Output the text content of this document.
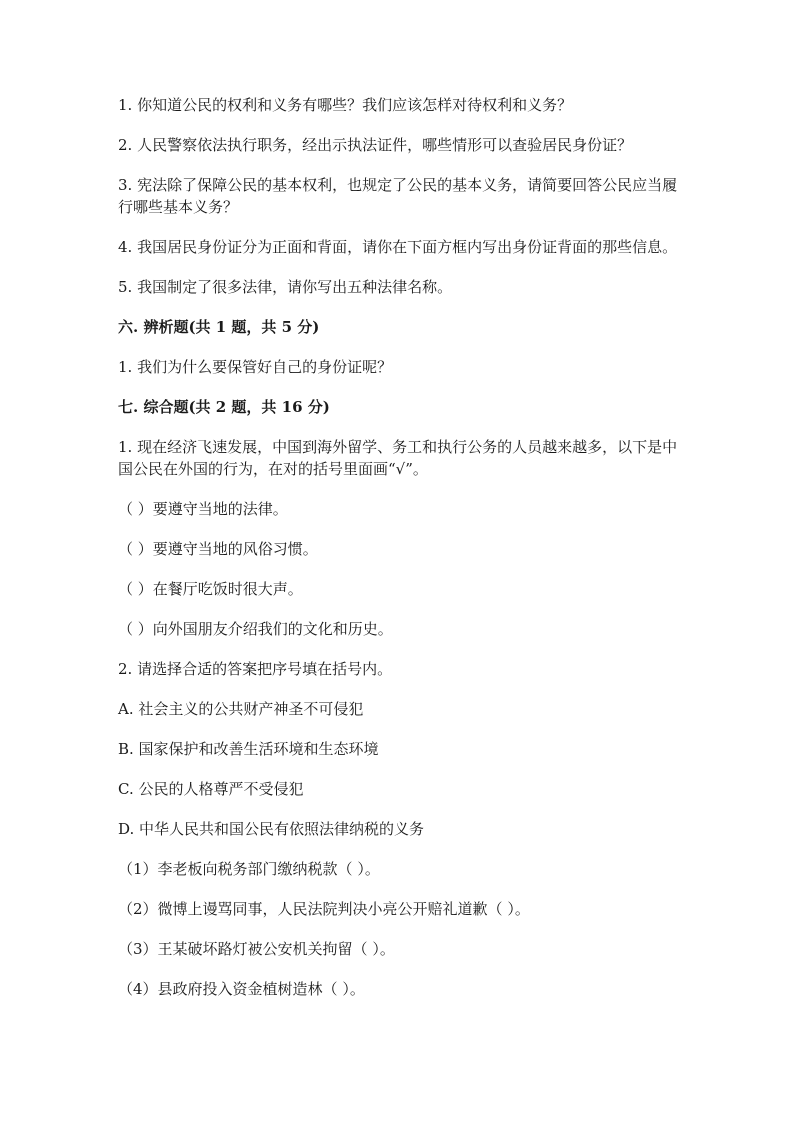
1. 你知道公民的权利和义务有哪些？我们应该怎样对待权利和义务？

2. 人民警察依法执行职务，经出示执法证件，哪些情形可以查验居民身份证？

3. 宪法除了保障公民的基本权利，也规定了公民的基本义务，请简要回答公民应当履行哪些基本义务？

4. 我国居民身份证分为正面和背面，请你在下面方框内写出身份证背面的那些信息。

5. 我国制定了很多法律，请你写出五种法律名称。

六. 辨析题(共 1 题，共 5 分)

1. 我们为什么要保管好自己的身份证呢？

七. 综合题(共 2 题，共 16 分)

1. 现在经济飞速发展，中国到海外留学、务工和执行公务的人员越来越多，以下是中国公民在外国的行为，在对的括号里面画“√”。

（ ）要遵守当地的法律。

（ ）要遵守当地的风俗习惯。

（ ）在餐厅吃饭时很大声。

（ ）向外国朋友介绍我们的文化和历史。

2. 请选择合适的答案把序号填在括号内。

A. 社会主义的公共财产神圣不可侵犯

B. 国家保护和改善生活环境和生态环境

C. 公民的人格尊严不受侵犯

D. 中华人民共和国公民有依照法律纳税的义务

（1）李老板向税务部门缴纳税款（ ）。

（2）微博上谩骂同事，人民法院判决小亮公开赔礼道歉（ ）。

（3）王某破坏路灯被公安机关拘留（ ）。

（4）县政府投入资金植树造林（ ）。
